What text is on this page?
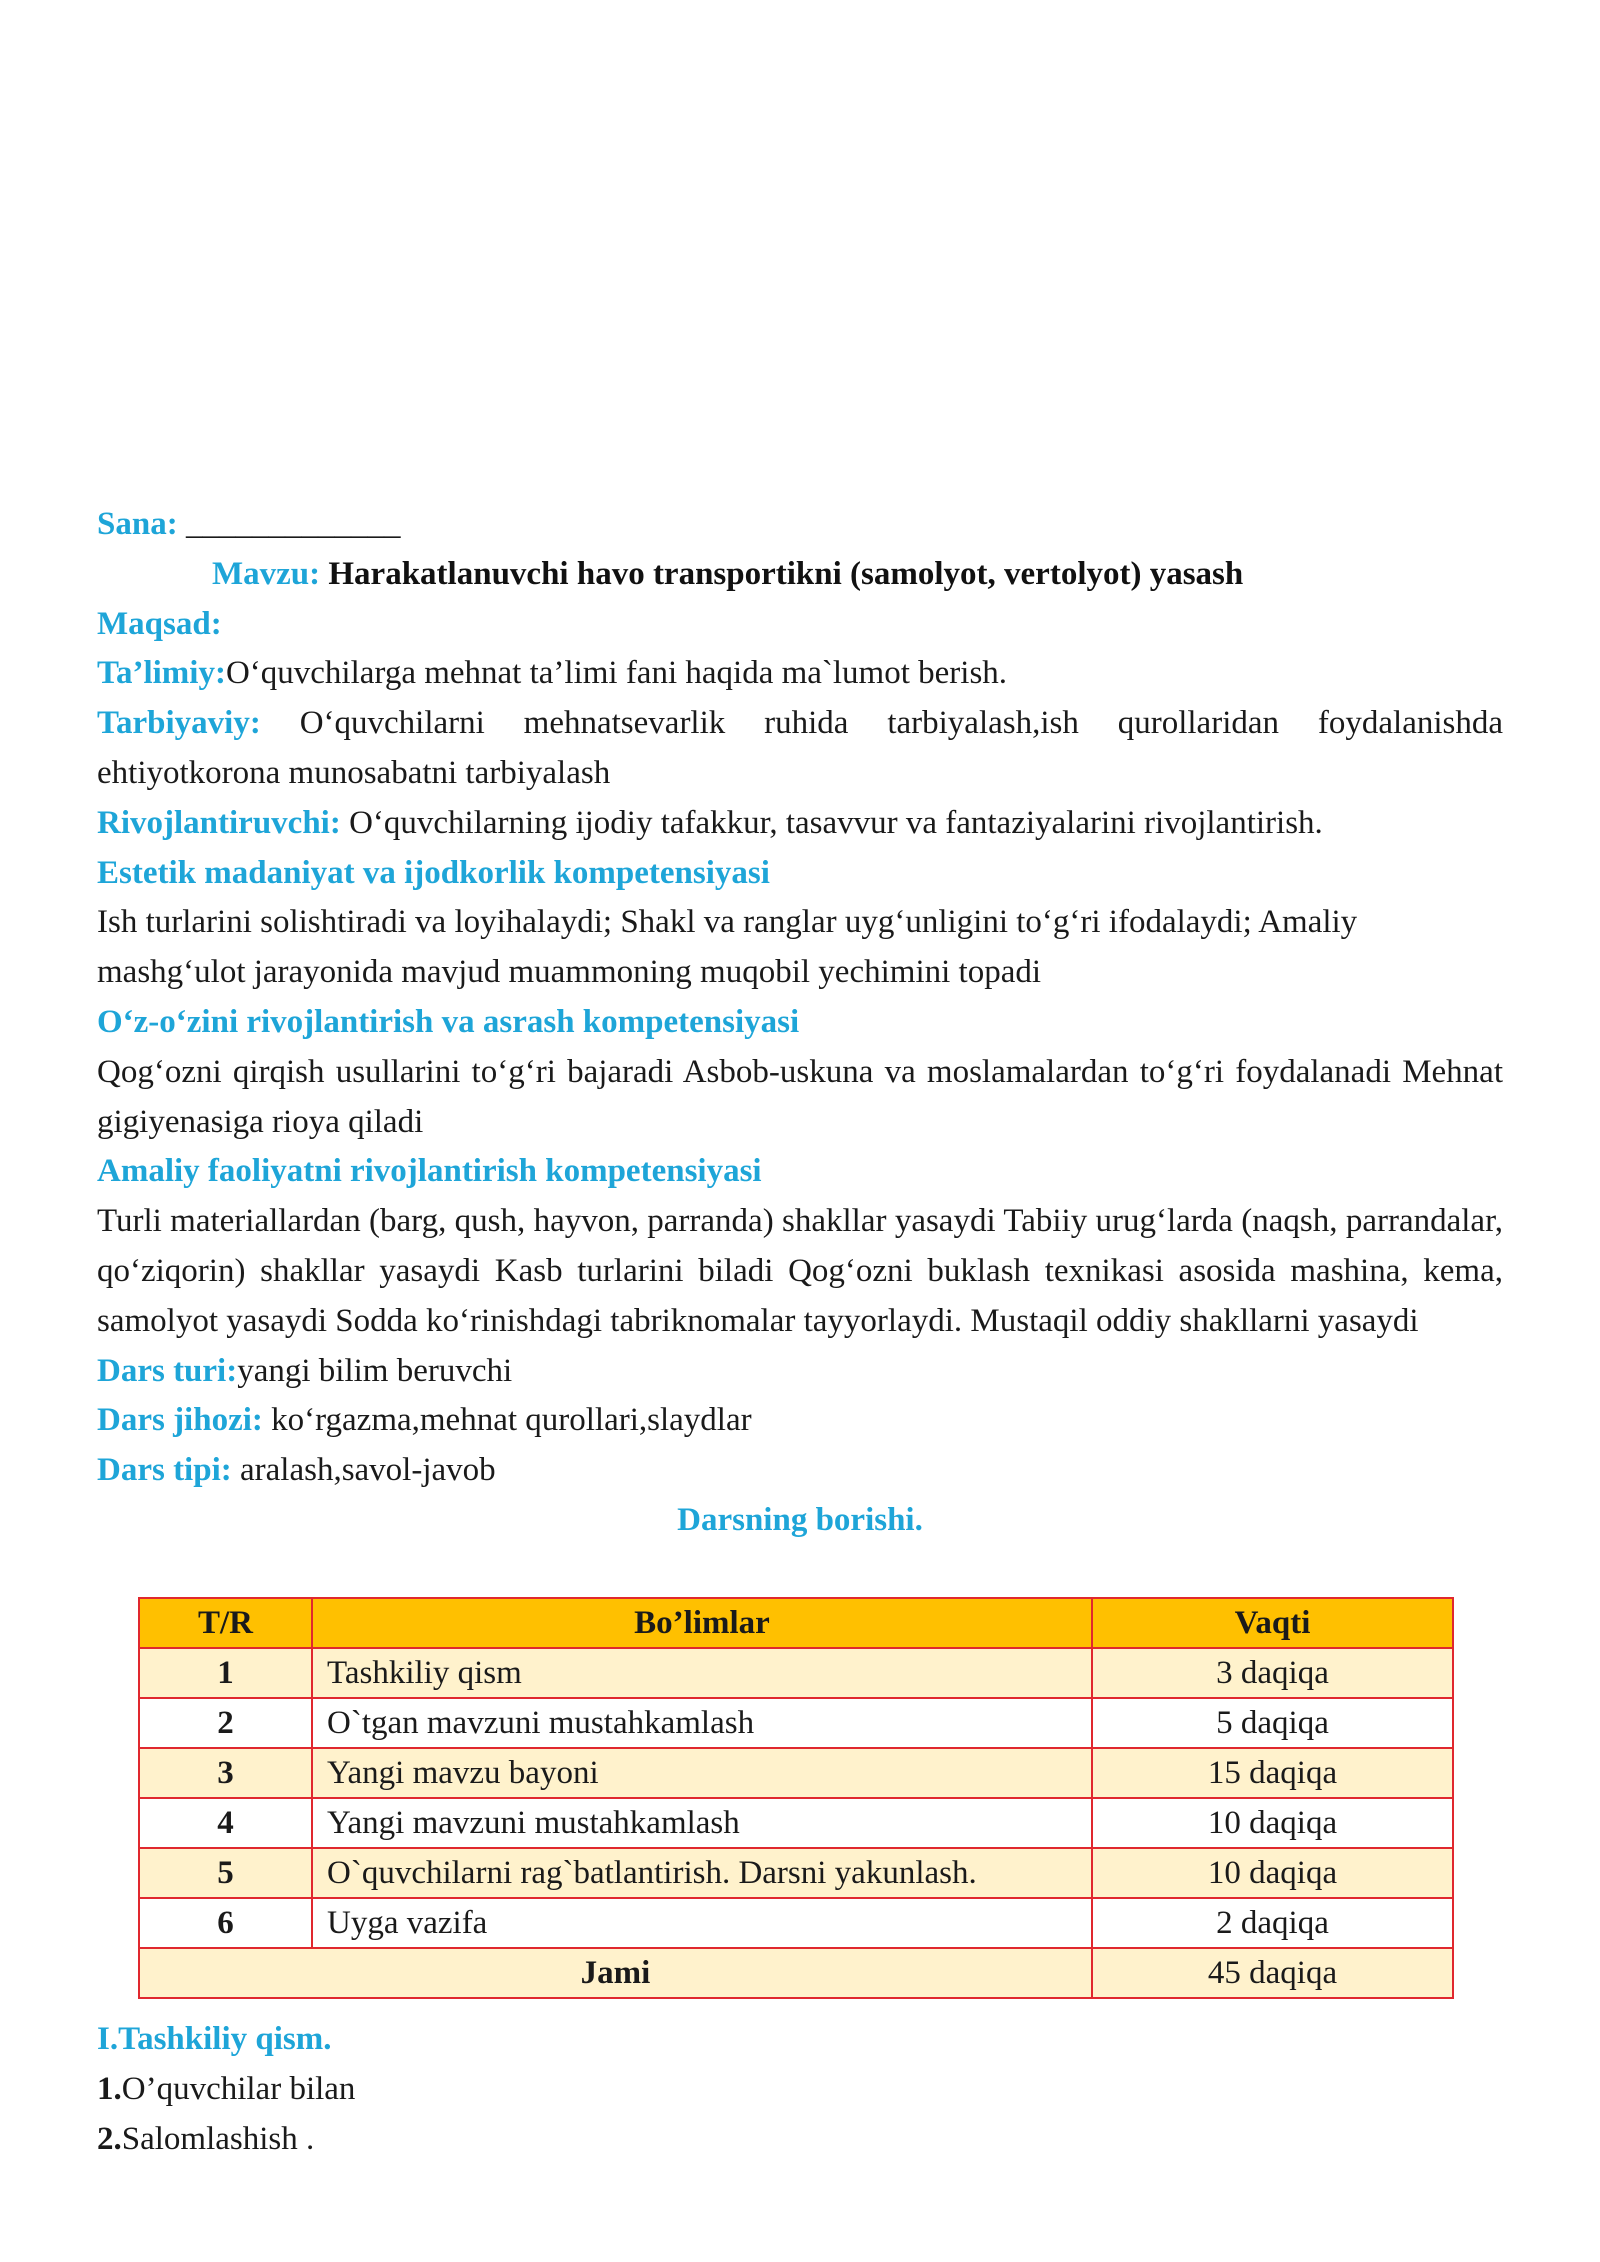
Sana: _____________
Mavzu: Harakatlanuvchi havo transportikni (samolyot, vertolyot) yasash
Maqsad:
Ta’limiy:O‘quvchilarga mehnat ta’limi fani haqida ma`lumot berish.
Tarbiyaviy: O‘quvchilarni mehnatsevarlik ruhida tarbiyalash,ish qurollaridan foydalanishda ehtiyotkorona munosabatni tarbiyalash
Rivojlantiruvchi: O‘quvchilarning ijodiy tafakkur, tasavvur va fantaziyalarini rivojlantirish.
Estetik madaniyat va ijodkorlik kompetensiyasi
Ish turlarini solishtiradi va loyihalaydi; Shakl va ranglar uyg‘unligini to‘g‘ri ifodalaydi; Amaliy mashg‘ulot jarayonida mavjud muammoning muqobil yechimini topadi
O‘z-o‘zini rivojlantirish va asrash kompetensiyasi
Qog‘ozni qirqish usullarini to‘g‘ri bajaradi Asbob-uskuna va moslamalardan to‘g‘ri foydalanadi Mehnat gigiyenasiga rioya qiladi
Amaliy faoliyatni rivojlantirish kompetensiyasi
Turli materiallardan (barg, qush, hayvon, parranda) shakllar yasaydi Tabiiy urug‘larda (naqsh, parrandalar, qo‘ziqorin) shakllar yasaydi Kasb turlarini biladi Qog‘ozni buklash texnikasi asosida mashina, kema, samolyot yasaydi Sodda ko‘rinishdagi tabriknomalar tayyorlaydi. Mustaqil oddiy shakllarni yasaydi
Dars turi:yangi bilim beruvchi
Dars jihozi: ko‘rgazma,mehnat qurollari,slaydlar
Dars tipi: aralash,savol-javob
Darsning borishi.
T/R	Bo’limlar	Vaqti
1	Tashkiliy qism	3 daqiqa
2	O`tgan mavzuni mustahkamlash	5 daqiqa
3	Yangi mavzu bayoni	15 daqiqa
4	Yangi mavzuni mustahkamlash	10 daqiqa
5	O`quvchilarni rag`batlantirish. Darsni yakunlash.	10 daqiqa
6	Uyga vazifa	2 daqiqa
Jami		45 daqiqa
I.Tashkiliy qism.
1.O’quvchilar bilan
2.Salomlashish .
